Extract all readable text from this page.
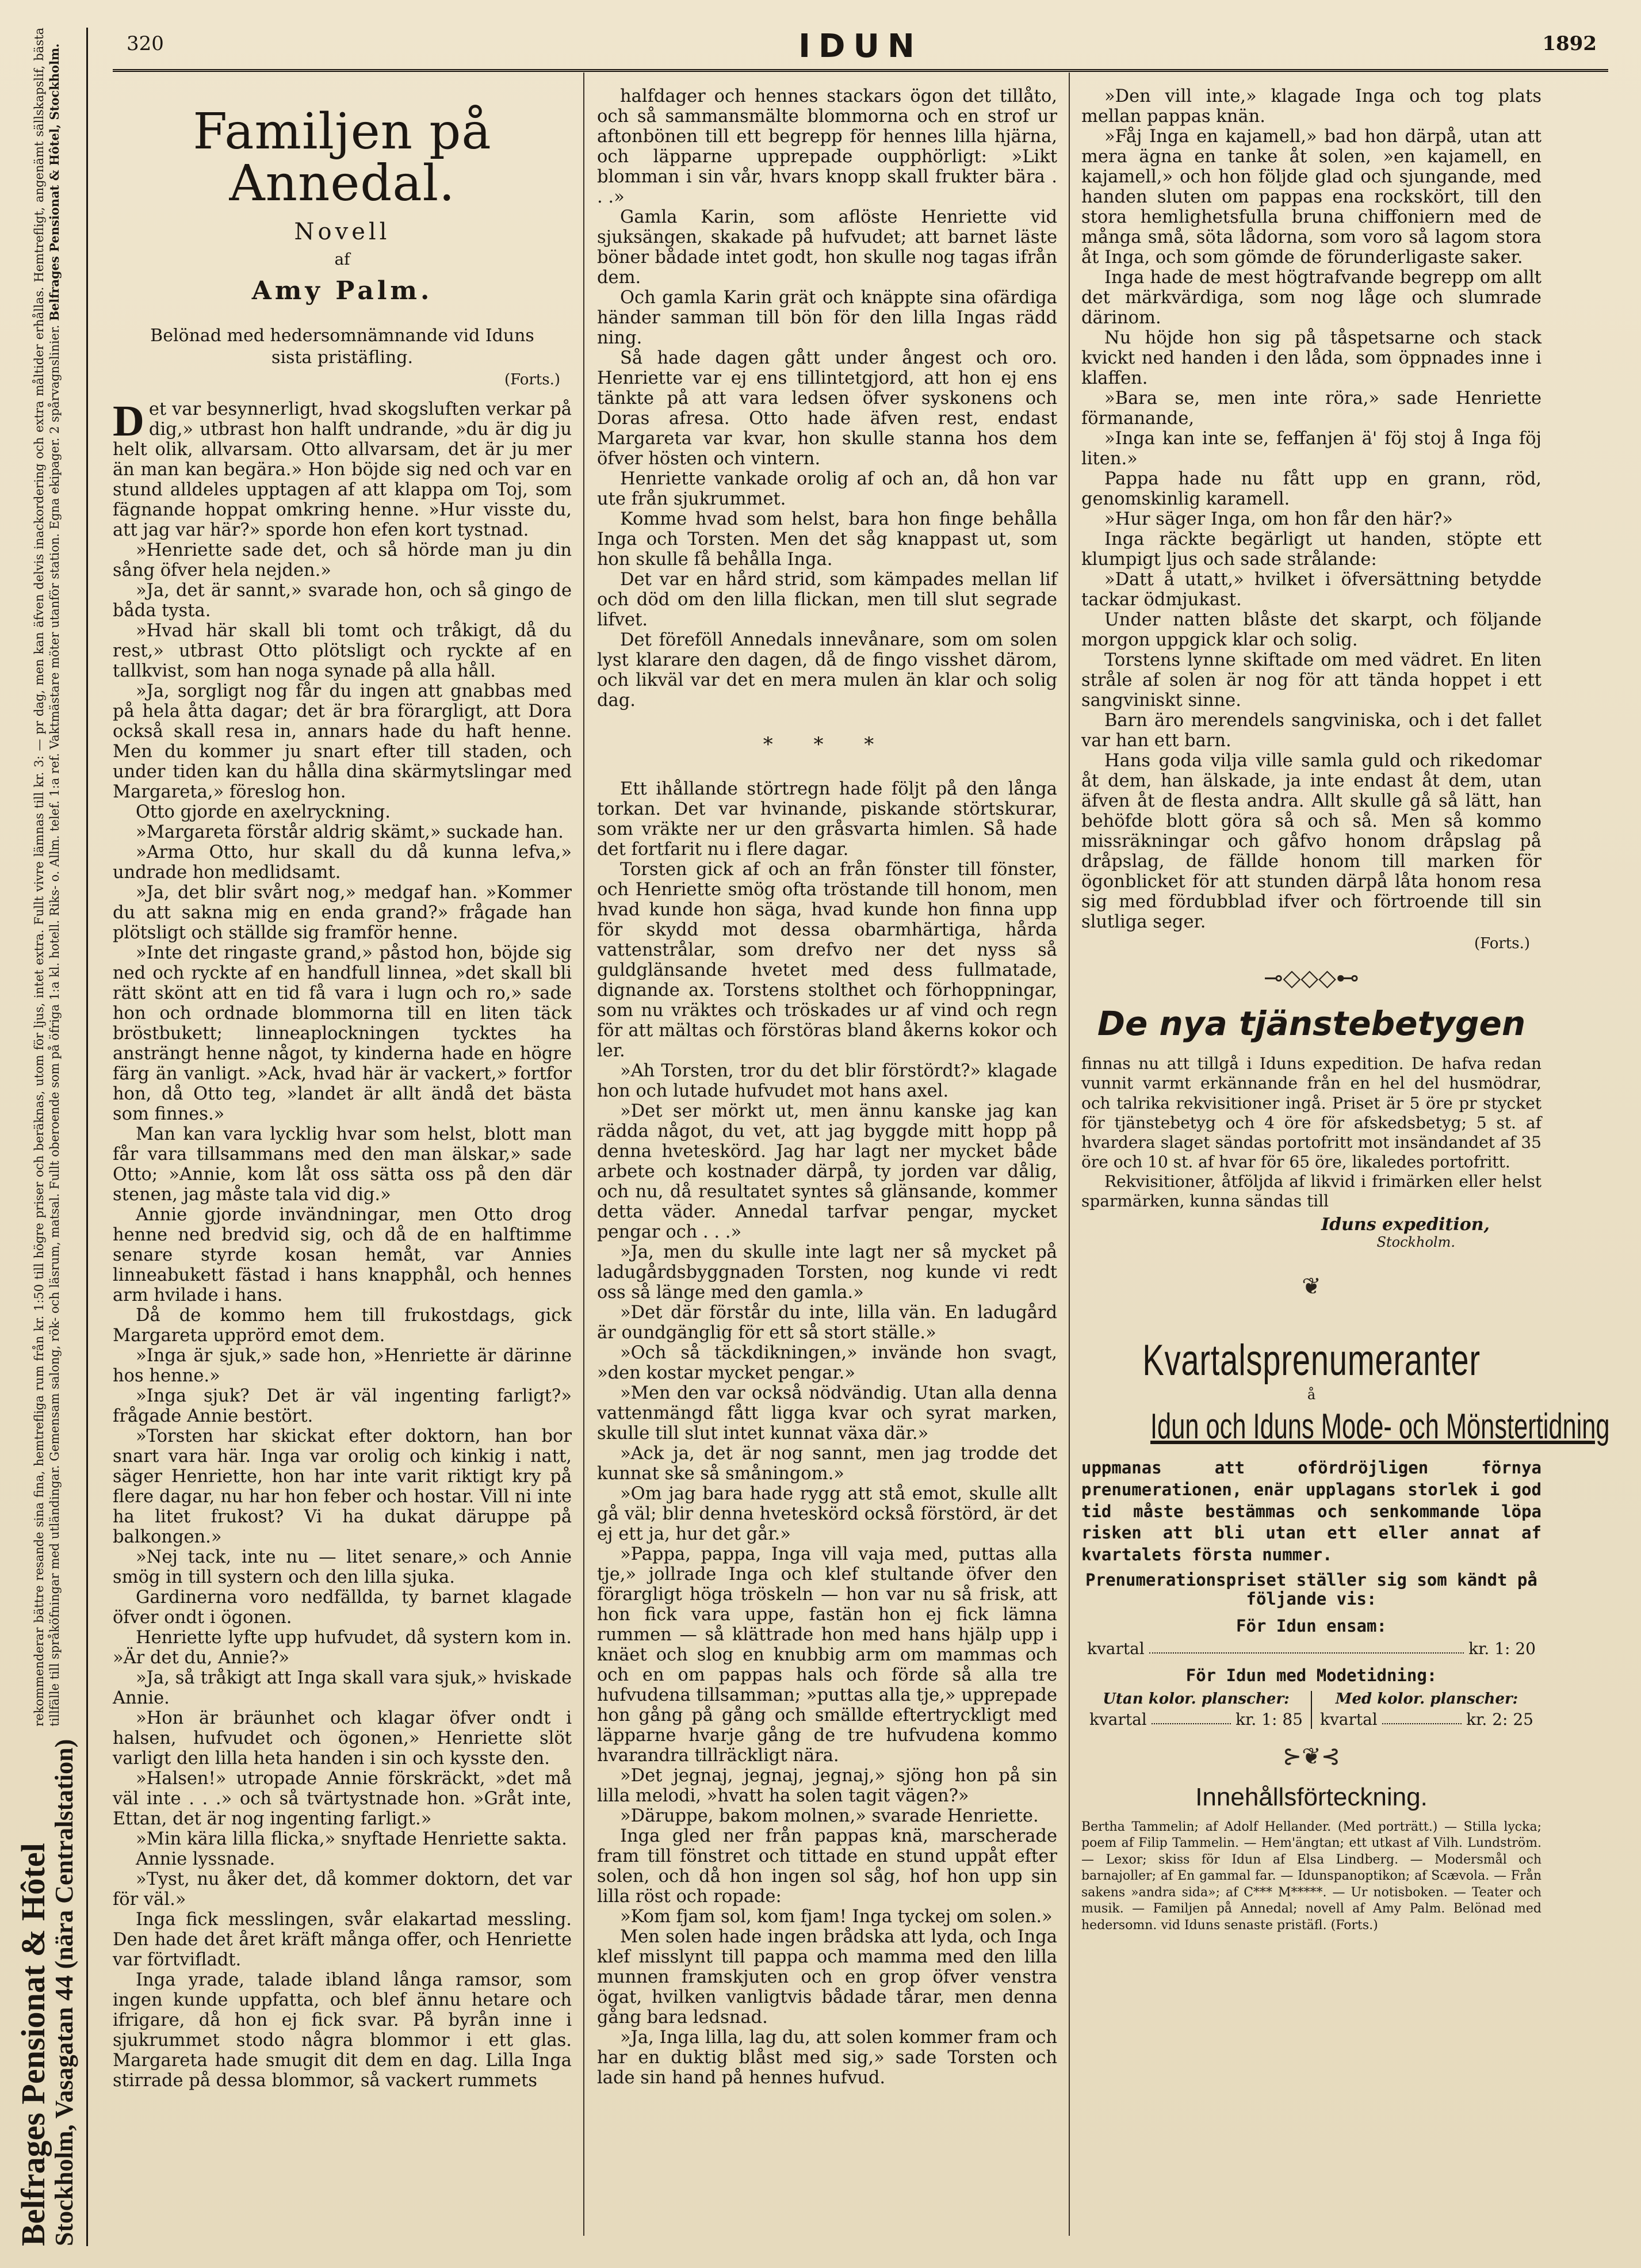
Belfrages Pensionat & Hôtel
Stockholm, Vasagatan 44 (nära Centralstation)
rekommenderar bättre resande sina fina, hemtrefliga rum från kr. 1:50 till högre priser och beräknas, utom för ljus, intet extra. Fullt vivre lämnas till kr. 3: — pr dag, men kan äfven delvis inackordering och extra måltider erhållas. Hemtrefligt, angenämt sällskapslif, bästa tillfälle till språköfningar med utländingar. Gemensam salong, rök- och läsrum, matsal. Fullt oberoende som på öfriga 1:a kl. hotell. Riks- o. Allm. telef. 1:a ref. Vaktmästare möter utanför station. Egna ekipager. 2 spårvagnslinier. Belfrages Pensionat & Hôtel, Stockholm.	320	IDUN	1892
Familjen på Annedal.
Novell
af
Amy Palm.
Belönad med hedersomnämnande vid Iduns sista pristäfling.
(Forts.)

Det var besynnerligt, hvad skogsluften verkar på dig,» utbrast hon halft undrande, »du är dig ju helt olik, allvarsam. Otto allvarsam, det är ju mer än man kan begära.» Hon böjde sig ned och var en stund alldeles upptagen af att klappa om Toj, som fägnande hoppat omkring henne. »Hur visste du, att jag var här?» sporde hon efen kort tystnad.

»Henriette sade det, och så hörde man ju din sång öfver hela nejden.»

»Ja, det är sannt,» svarade hon, och så gingo de båda tysta.

»Hvad här skall bli tomt och tråkigt, då du rest,» utbrast Otto plötsligt och ryckte af en tallkvist, som han noga synade på alla håll.

»Ja, sorgligt nog får du ingen att gnabbas med på hela åtta dagar; det är bra förargligt, att Dora också skall resa in, annars hade du haft henne. Men du kommer ju snart efter till staden, och under tiden kan du hålla dina skärmytslingar med Margareta,» föreslog hon.

Otto gjorde en axelryckning.

»Margareta förstår aldrig skämt,» suckade han.

»Arma Otto, hur skall du då kunna lefva,» undrade hon medlidsamt.

»Ja, det blir svårt nog,» medgaf han. »Kommer du att sakna mig en enda grand?» frågade han plötsligt och ställde sig framför henne.

»Inte det ringaste grand,» påstod hon, böjde sig ned och ryckte af en handfull linnea, »det skall bli rätt skönt att en tid få vara i lugn och ro,» sade hon och ordnade blommorna till en liten täck bröstbukett; linneaplockningen tycktes ha ansträngt henne något, ty kinderna hade en högre färg än vanligt. »Ack, hvad här är vackert,» fortfor hon, då Otto teg, »landet är allt ändå det bästa som finnes.»

Man kan vara lycklig hvar som helst, blott man får vara tillsammans med den man älskar,» sade Otto; »Annie, kom låt oss sätta oss på den där stenen, jag måste tala vid dig.»

Annie gjorde invändningar, men Otto drog henne ned bredvid sig, och då de en halftimme senare styrde kosan hemåt, var Annies linneabukett fästad i hans knapphål, och hennes arm hvilade i hans.

Då de kommo hem till frukostdags, gick Margareta upprörd emot dem.

»Inga är sjuk,» sade hon, »Henriette är därinne hos henne.»

»Inga sjuk? Det är väl ingenting farligt?» frågade Annie bestört.

»Torsten har skickat efter doktorn, han bor snart vara här. Inga var orolig och kinkig i natt, säger Henriette, hon har inte varit riktigt kry på flere dagar, nu har hon feber och hostar. Vill ni inte ha litet frukost? Vi ha dukat däruppe på balkongen.»

»Nej tack, inte nu — litet senare,» och Annie smög in till systern och den lilla sjuka.

Gardinerna voro nedfällda, ty barnet klagade öfver ondt i ögonen.

Henriette lyfte upp hufvudet, då systern kom in. »Är det du, Annie?»

»Ja, så tråkigt att Inga skall vara sjuk,» hviskade Annie.

»Hon är bräunhet och klagar öfver ondt i halsen, hufvudet och ögonen,» Henriette slöt varligt den lilla heta handen i sin och kysste den.

»Halsen!» utropade Annie förskräckt, »det må väl inte . . .» och så tvärtystnade hon. »Gråt inte, Ettan, det är nog ingenting farligt.»

»Min kära lilla flicka,» snyftade Henriette sakta.

Annie lyssnade.

»Tyst, nu åker det, då kommer doktorn, det var för väl.»

Inga fick messlingen, svår elakartad messling. Den hade det året kräft många offer, och Henriette var förtvifladt.

Inga yrade, talade ibland långa ramsor, som ingen kunde uppfatta, och blef ännu hetare och ifrigare, då hon ej fick svar. På byrån inne i sjukrummet stodo några blommor i ett glas. Margareta hade smugit dit dem en dag. Lilla Inga stirrade på dessa blommor, så vackert rummets

halfdager och hennes stackars ögon det tillåto, och så sammansmälte blommorna och en strof ur aftonbönen till ett begrepp för hennes lilla hjärna, och läpparne upprepade oupphörligt: »Likt blomman i sin vår, hvars knopp skall frukter bära . . .»

Gamla Karin, som aflöste Henriette vid sjuksängen, skakade på hufvudet; att barnet läste böner bådade intet godt, hon skulle nog tagas ifrån dem.

Och gamla Karin grät och knäppte sina ofärdiga händer samman till bön för den lilla Ingas rädd ning.

Så hade dagen gått under ångest och oro. Henriette var ej ens tillintetgjord, att hon ej ens tänkte på att vara ledsen öfver syskonens och Doras afresa. Otto hade äfven rest, endast Margareta var kvar, hon skulle stanna hos dem öfver hösten och vintern.

Henriette vankade orolig af och an, då hon var ute från sjukrummet.

Komme hvad som helst, bara hon finge behålla Inga och Torsten. Men det såg knappast ut, som hon skulle få behålla Inga.

Det var en hård strid, som kämpades mellan lif och död om den lilla flickan, men till slut segrade lifvet.

Det föreföll Annedals innevånare, som om solen lyst klarare den dagen, då de fingo visshet därom, och likväl var det en mera mulen än klar och solig dag.

* * *

Ett ihållande störtregn hade följt på den långa torkan. Det var hvinande, piskande störtskurar, som vräkte ner ur den gråsvarta himlen. Så hade det fortfarit nu i flere dagar.

Torsten gick af och an från fönster till fönster, och Henriette smög ofta tröstande till honom, men hvad kunde hon säga, hvad kunde hon finna upp för skydd mot dessa obarmhärtiga, hårda vattenstrålar, som drefvo ner det nyss så guldglänsande hvetet med dess fullmatade, dignande ax. Torstens stolthet och förhoppningar, som nu vräktes och tröskades ur af vind och regn för att mältas och förstöras bland åkerns kokor och ler.

»Ah Torsten, tror du det blir förstördt?» klagade hon och lutade hufvudet mot hans axel.

»Det ser mörkt ut, men ännu kanske jag kan rädda något, du vet, att jag byggde mitt hopp på denna hveteskörd. Jag har lagt ner mycket både arbete och kostnader därpå, ty jorden var dålig, och nu, då resultatet syntes så glänsande, kommer detta väder. Annedal tarfvar pengar, mycket pengar och . . .»

»Ja, men du skulle inte lagt ner så mycket på ladugårdsbyggnaden Torsten, nog kunde vi redt oss så länge med den gamla.»

»Det där förstår du inte, lilla vän. En ladugård är oundgänglig för ett så stort ställe.»

»Och så täckdikningen,» invände hon svagt, »den kostar mycket pengar.»

»Men den var också nödvändig. Utan alla denna vattenmängd fått ligga kvar och syrat marken, skulle till slut intet kunnat växa där.»

»Ack ja, det är nog sannt, men jag trodde det kunnat ske så småningom.»

»Om jag bara hade rygg att stå emot, skulle allt gå väl; blir denna hveteskörd också förstörd, är det ej ett ja, hur det går.»

»Pappa, pappa, Inga vill vaja med, puttas alla tje,» jollrade Inga och klef stultande öfver den förargligt höga tröskeln — hon var nu så frisk, att hon fick vara uppe, fastän hon ej fick lämna rummen — så klättrade hon med hans hjälp upp i knäet och slog en knubbig arm om mammas och och en om pappas hals och förde så alla tre hufvudena tillsamman; »puttas alla tje,» upprepade hon gång på gång och smällde eftertryckligt med läpparne hvarje gång de tre hufvudena kommo hvarandra tillräckligt nära.

»Det jegnaj, jegnaj, jegnaj,» sjöng hon på sin lilla melodi, »hvatt ha solen tagit vägen?»

»Däruppe, bakom molnen,» svarade Henriette.

Inga gled ner från pappas knä, marscherade fram till fönstret och tittade en stund uppåt efter solen, och då hon ingen sol såg, hof hon upp sin lilla röst och ropade:

»Kom fjam sol, kom fjam! Inga tyckej om solen.»

Men solen hade ingen brådska att lyda, och Inga klef misslynt till pappa och mamma med den lilla munnen framskjuten och en grop öfver venstra ögat, hvilken vanligtvis bådade tårar, men denna gång bara ledsnad.

»Ja, Inga lilla, lag du, att solen kommer fram och har en duktig blåst med sig,» sade Torsten och lade sin hand på hennes hufvud.

»Den vill inte,» klagade Inga och tog plats mellan pappas knän.

»Fåj Inga en kajamell,» bad hon därpå, utan att mera ägna en tanke åt solen, »en kajamell, en kajamell,» och hon följde glad och sjungande, med handen sluten om pappas ena rockskört, till den stora hemlighetsfulla bruna chiffoniern med de många små, söta lådorna, som voro så lagom stora åt Inga, och som gömde de förunderligaste saker.

Inga hade de mest högtrafvande begrepp om allt det märkvärdiga, som nog låge och slumrade därinom.

Nu höjde hon sig på tåspetsarne och stack kvickt ned handen i den låda, som öppnades inne i klaffen.

»Bara se, men inte röra,» sade Henriette förmanande,

»Inga kan inte se, feffanjen ä' föj stoj å Inga föj liten.»

Pappa hade nu fått upp en grann, röd, genomskinlig karamell.

»Hur säger Inga, om hon får den här?»

Inga räckte begärligt ut handen, stöpte ett klumpigt ljus och sade strålande:

»Datt å utatt,» hvilket i öfversättning betydde tackar ödmjukast.

Under natten blåste det skarpt, och följande morgon uppgick klar och solig.

Torstens lynne skiftade om med vädret. En liten stråle af solen är nog för att tända hoppet i ett sangviniskt sinne.

Barn äro merendels sangviniska, och i det fallet var han ett barn.

Hans goda vilja ville samla guld och rikedomar åt dem, han älskade, ja inte endast åt dem, utan äfven åt de flesta andra. Allt skulle gå så lätt, han behöfde blott göra så och så. Men så kommo missräkningar och gåfvo honom dråpslag på dråpslag, de fällde honom till marken för ögonblicket för att stunden därpå låta honom resa sig med fördubblad ifver och förtroende till sin slutliga seger.

(Forts.)
⊸◇◇◇⊷
De nya tjänstebetygen

finnas nu att tillgå i Iduns expedition. De hafva redan vunnit varmt erkännande från en hel del husmödrar, och talrika rekvisitioner ingå. Priset är 5 öre pr stycket för tjänstebetyg och 4 öre för afskedsbetyg; 5 st. af hvardera slaget sändas portofritt mot insändandet af 35 öre och 10 st. af hvar för 65 öre, likaledes portofritt.

Rekvisitioner, åtföljda af likvid i frimärken eller helst sparmärken, kunna sändas till

Iduns expedition,
Stockholm.
❦
Kvartalsprenumeranter
å
Idun och Iduns Mode- och Mönstertidning
uppmanas att ofördröjligen förnya prenumerationen, enär upplagans storlek i god tid måste bestämmas och senkommande löpa risken att bli utan ett eller annat af kvartalets första nummer.
Prenumerationspriset ställer sig som kändt på följande vis:
För Idun ensam:
kvartal	kr. 1: 20
För Idun med Modetidning:
Utan kolor. planscher:
kvartal	kr. 1: 85
Med kolor. planscher:
kvartal	kr. 2: 25
⊱❦⊰
Innehållsförteckning.
Bertha Tammelin; af Adolf Hellander. (Med porträtt.) — Stilla lycka; poem af Filip Tammelin. — Hem'ängtan; ett utkast af Vilh. Lundström. — Lexor; skiss för Idun af Elsa Lindberg. — Modersmål och barnajoller; af En gammal far. — Idunspanoptikon; af Scævola. — Från sakens »andra sida»; af C*** M*****. — Ur notisboken. — Teater och musik. — Familjen på Annedal; novell af Amy Palm. Belönad med hedersomn. vid Iduns senaste pristäfl. (Forts.)
